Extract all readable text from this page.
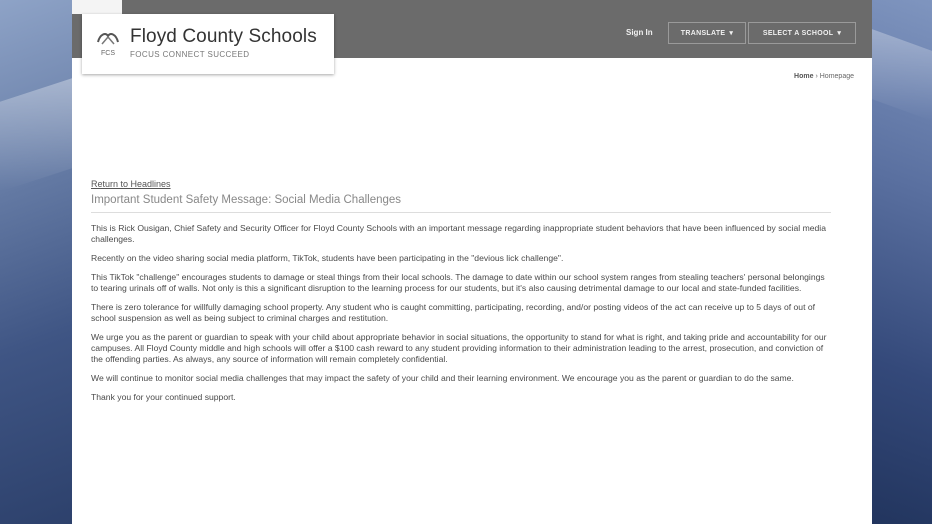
Sign In	TRANSLATE ▾	SELECT A SCHOOL ▾
FCS
Floyd County Schools
FOCUS CONNECT SUCCEED
Home › Homepage
Return to Headlines
Important Student Safety Message: Social Media Challenges

This is Rick Ousigan, Chief Safety and Security Officer for Floyd County Schools with an important message regarding inappropriate student behaviors that have been influenced by social media challenges.

Recently on the video sharing social media platform, TikTok, students have been participating in the "devious lick challenge".

This TikTok "challenge" encourages students to damage or steal things from their local schools. The damage to date within our school system ranges from stealing teachers' personal belongings to tearing urinals off of walls. Not only is this a significant disruption to the learning process for our students, but it's also causing detrimental damage to our local and state-funded facilities.

There is zero tolerance for willfully damaging school property. Any student who is caught committing, participating, recording, and/or posting videos of the act can receive up to 5 days of out of school suspension as well as being subject to criminal charges and restitution.

We urge you as the parent or guardian to speak with your child about appropriate behavior in social situations, the opportunity to stand for what is right, and taking pride and accountability for our campuses. All Floyd County middle and high schools will offer a $100 cash reward to any student providing information to their administration leading to the arrest, prosecution, and conviction of the offending parties. As always, any source of information will remain completely confidential.

We will continue to monitor social media challenges that may impact the safety of your child and their learning environment. We encourage you as the parent or guardian to do the same.

Thank you for your continued support.
